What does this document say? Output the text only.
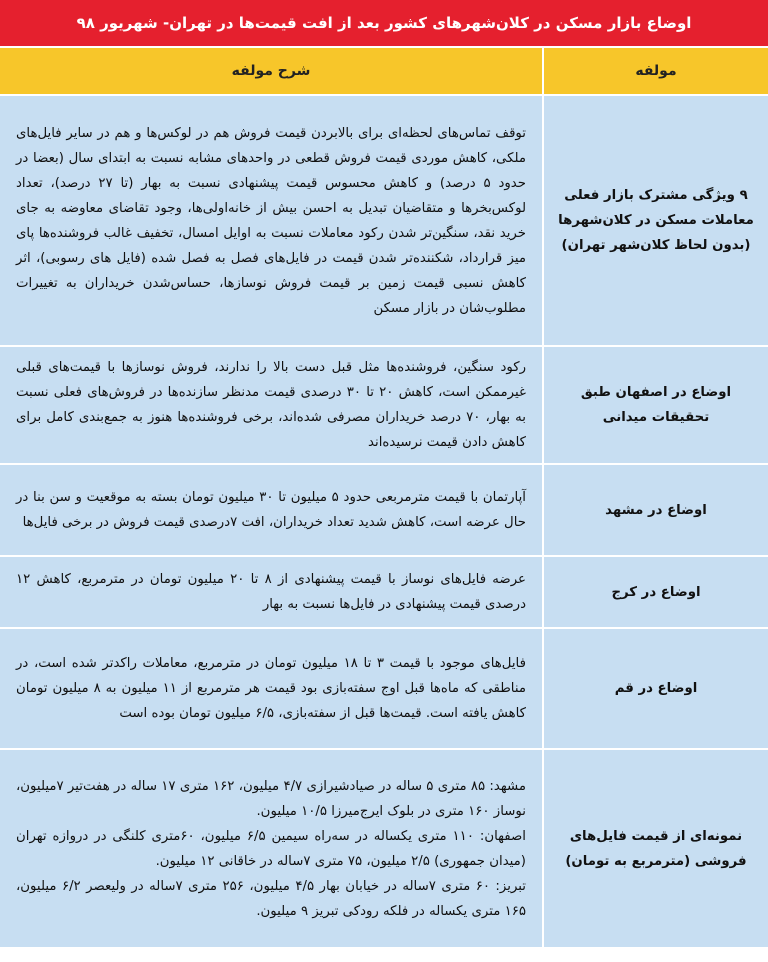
اوضاع بازار مسکن در کلان‌شهرهای کشور بعد از افت قیمت‌ها در تهران- شهریور ۹۸
مولفه	شرح مولفه
۹ ویژگی مشترک بازار فعلی معاملات مسکن در کلان‌شهرها (بدون لحاظ کلان‌شهر تهران)	توقف تماس‌های لحظه‌ای برای بالابردن قیمت فروش هم در لوکس‌ها و هم در سایر فایل‌های ملکی، کاهش موردی قیمت فروش قطعی در واحدهای مشابه نسبت به ابتدای سال (بعضا در حدود ۵ درصد) و کاهش محسوس قیمت پیشنهادی نسبت به بهار (تا ۲۷ درصد)، تعداد لوکس‌بخرها و متقاضیان تبدیل به احسن بیش از خانه‌اولی‌ها، وجود تقاضای معاوضه به جای خرید نقد، سنگین‌تر شدن رکود معاملات نسبت به اوایل امسال، تخفیف غالب فروشنده‌ها پای میز قرارداد، شکننده‌تر شدن قیمت در فایل‌های فصل به فصل شده (فایل‌ های رسوبی)، اثر کاهش نسبی قیمت زمین بر قیمت فروش نوسازها، حساس‌شدن خریداران به تغییرات مطلوب‌شان در بازار مسکن
اوضاع در اصفهان طبق تحقیقات میدانی	رکود سنگین، فروشنده‌ها مثل قبل دست بالا را ندارند، فروش نوسازها با قیمت‌های قبلی غیرممکن است، کاهش ۲۰ تا ۳۰ درصدی قیمت مدنظر سازنده‌ها در فروش‌های فعلی نسبت به بهار، ۷۰ درصد خریداران مصرفی شده‌اند، برخی فروشنده‌ها هنوز به جمع‌بندی کامل برای کاهش دادن قیمت نرسیده‌اند
اوضاع در مشهد	آپارتمان با قیمت مترمربعی حدود ۵ میلیون تا ۳۰ میلیون تومان بسته به موقعیت و سن بنا در حال عرضه است، کاهش شدید تعداد خریداران، افت ۷درصدی قیمت فروش در برخی فایل‌ها
اوضاع در کرج	عرضه فایل‌های نوساز با قیمت پیشنهادی از ۸ تا ۲۰ میلیون تومان در مترمربع، کاهش ۱۲ درصدی قیمت پیشنهادی در فایل‌ها نسبت به بهار
اوضاع در قم	فایل‌های موجود با قیمت ۳ تا ۱۸ میلیون تومان در مترمربع، معاملات راکدتر شده است، در مناطقی که ماه‌ها قبل اوج سفته‌بازی بود قیمت هر مترمربع از ۱۱ میلیون به ۸ میلیون تومان کاهش یافته است. قیمت‌ها قبل از سفته‌بازی، ۶/۵ میلیون تومان بوده است
نمونه‌ای از قیمت فایل‌های فروشی (مترمربع به تومان)	مشهد: ۸۵ متری ۵ ساله در صیادشیرازی ۴/۷ میلیون، ۱۶۲ متری ۱۷ ساله در هفت‌تیر ۷میلیون، نوساز ۱۶۰ متری در بلوک ایرج‌میرزا ۱۰/۵ میلیون.

اصفهان: ۱۱۰ متری یکساله در سه‌راه سیمین ۶/۵ میلیون، ۶۰متری کلنگی در دروازه تهران (میدان جمهوری) ۲/۵ میلیون، ۷۵ متری ۷ساله در خاقانی ۱۲ میلیون.

تبریز: ۶۰ متری ۷ساله در خیابان بهار ۴/۵ میلیون، ۲۵۶ متری ۷ساله در ولیعصر ۶/۲ میلیون، ۱۶۵ متری یکساله در فلکه رودکی تبریز ۹ میلیون.
